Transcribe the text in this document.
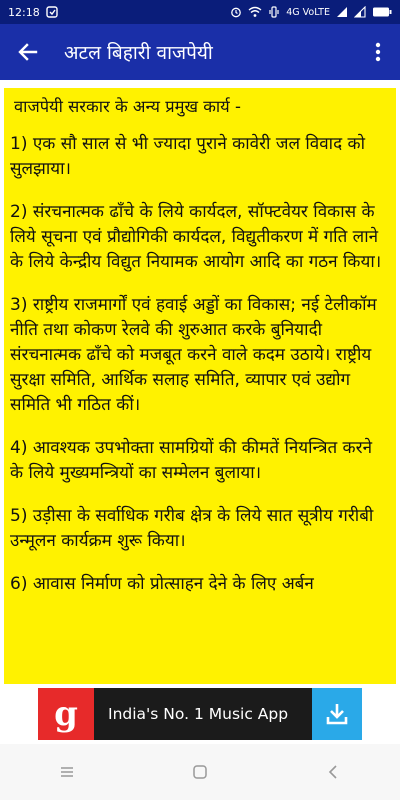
12:18	4G VoLTE
अटल बिहारी वाजपेयी
वाजपेयी सरकार के अन्य प्रमुख कार्य -
1) एक सौ साल से भी ज्यादा पुराने कावेरी जल विवाद को सुलझाया।
2) संरचनात्मक ढाँचे के लिये कार्यदल, सॉफ्टवेयर विकास के लिये सूचना एवं प्रौद्योगिकी कार्यदल, विद्युतीकरण में गति लाने के लिये केन्द्रीय विद्युत नियामक आयोग आदि का गठन किया।
3) राष्ट्रीय राजमार्गों एवं हवाई अड्डों का विकास; नई टेलीकॉम नीति तथा कोकण रेलवे की शुरुआत करके बुनियादी संरचनात्मक ढाँचे को मजबूत करने वाले कदम उठाये। राष्ट्रीय सुरक्षा समिति, आर्थिक सलाह समिति, व्यापार एवं उद्योग समिति भी गठित कीं।
4) आवश्यक उपभोक्ता सामग्रियों की कीमतें नियन्त्रित करने के लिये मुख्यमन्त्रियों का सम्मेलन बुलाया।
5) उड़ीसा के सर्वाधिक गरीब क्षेत्र के लिये सात सूत्रीय गरीबी उन्मूलन कार्यक्रम शुरू किया।
6) आवास निर्माण को प्रोत्साहन देने के लिए अर्बन
g	India's No. 1 Music App
